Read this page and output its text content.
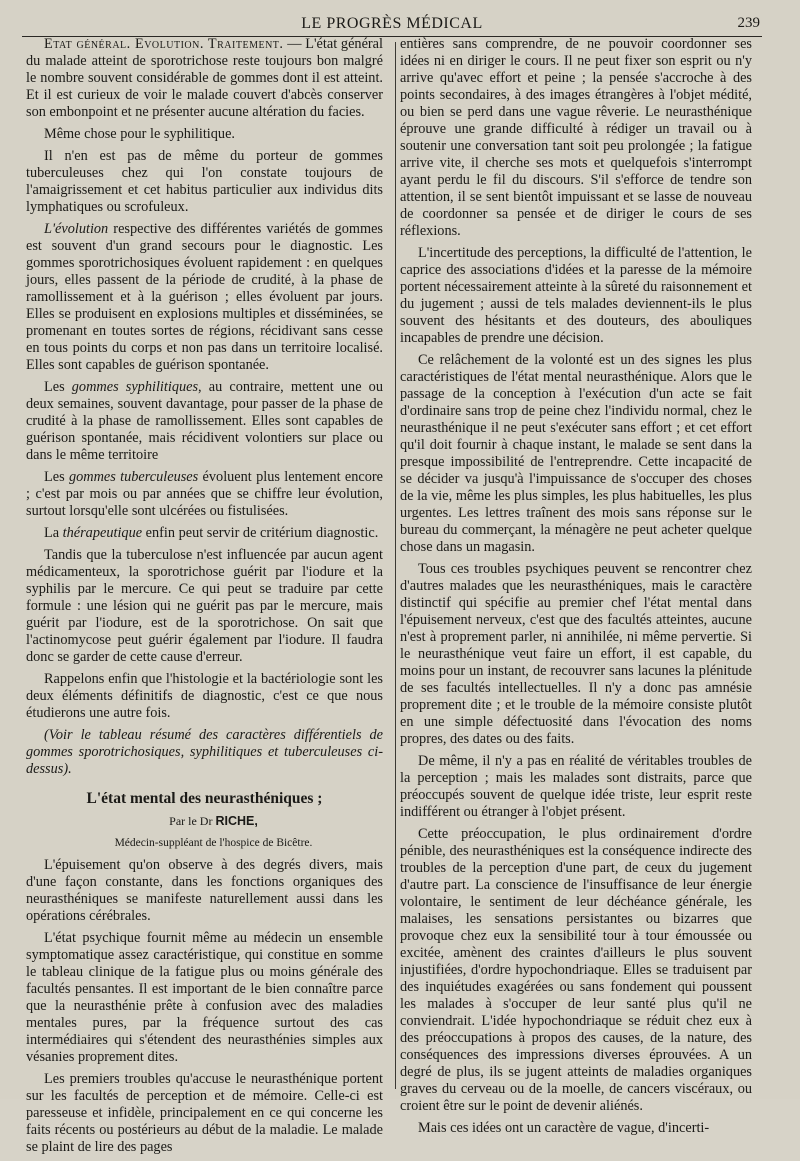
LE PROGRÈS MÉDICAL	239

Etat général. Evolution. Traitement. — L'état général du malade atteint de sporotrichose reste toujours bon malgré le nombre souvent considérable de gommes dont il est atteint. Et il est curieux de voir le malade couvert d'abcès conserver son embonpoint et ne présenter aucune altération du facies.

Même chose pour le syphilitique.

Il n'en est pas de même du porteur de gommes tuberculeuses chez qui l'on constate toujours de l'amaigrissement et cet habitus particulier aux individus dits lymphatiques ou scrofuleux.

L'évolution respective des différentes variétés de gommes est souvent d'un grand secours pour le diagnostic. Les gommes sporotrichosiques évoluent rapidement : en quelques jours, elles passent de la période de crudité, à la phase de ramollissement et à la guérison ; elles évoluent par jours. Elles se produisent en explosions multiples et disséminées, se promenant en toutes sortes de régions, récidivant sans cesse en tous points du corps et non pas dans un territoire localisé. Elles sont capables de guérison spontanée.

Les gommes syphilitiques, au contraire, mettent une ou deux semaines, souvent davantage, pour passer de la phase de crudité à la phase de ramollissement. Elles sont capables de guérison spontanée, mais récidivent volontiers sur place ou dans le même territoire

Les gommes tuberculeuses évoluent plus lentement encore ; c'est par mois ou par années que se chiffre leur évolution, surtout lorsqu'elle sont ulcérées ou fistulisées.

La thérapeutique enfin peut servir de critérium diagnostic.

Tandis que la tuberculose n'est influencée par aucun agent médicamenteux, la sporotrichose guérit par l'iodure et la syphilis par le mercure. Ce qui peut se traduire par cette formule : une lésion qui ne guérit pas par le mercure, mais guérit par l'iodure, est de la sporotrichose. On sait que l'actinomycose peut guérir également par l'iodure. Il faudra donc se garder de cette cause d'erreur.

Rappelons enfin que l'histologie et la bactériologie sont les deux éléments définitifs de diagnostic, c'est ce que nous étudierons une autre fois.

(Voir le tableau résumé des caractères différentiels de gommes sporotrichosiques, syphilitiques et tuberculeuses ci-dessus).

L'état mental des neurasthéniques ;

Par le Dr RICHE,

Médecin-suppléant de l'hospice de Bicêtre.

L'épuisement qu'on observe à des degrés divers, mais d'une façon constante, dans les fonctions organiques des neurasthéniques se manifeste naturellement aussi dans les opérations cérébrales.

L'état psychique fournit même au médecin un ensemble symptomatique assez caractéristique, qui constitue en somme le tableau clinique de la fatigue plus ou moins générale des facultés pensantes. Il est important de le bien connaître parce que la neurasthénie prête à confusion avec des maladies mentales pures, par la fréquence surtout des cas intermédiaires qui s'étendent des neurasthénies simples aux vésanies proprement dites.

Les premiers troubles qu'accuse le neurasthénique portent sur les facultés de perception et de mémoire. Celle-ci est paresseuse et infidèle, principalement en ce qui concerne les faits récents ou postérieurs au début de la maladie. Le malade se plaint de lire des pages

entières sans comprendre, de ne pouvoir coordonner ses idées ni en diriger le cours. Il ne peut fixer son esprit ou n'y arrive qu'avec effort et peine ; la pensée s'accroche à des points secondaires, à des images étrangères à l'objet médité, ou bien se perd dans une vague rêverie. Le neurasthénique éprouve une grande difficulté à rédiger un travail ou à soutenir une conversation tant soit peu prolongée ; la fatigue arrive vite, il cherche ses mots et quelquefois s'interrompt ayant perdu le fil du discours. S'il s'efforce de tendre son attention, il se sent bientôt impuissant et se lasse de nouveau de coordonner sa pensée et de diriger le cours de ses réflexions.

L'incertitude des perceptions, la difficulté de l'attention, le caprice des associations d'idées et la paresse de la mémoire portent nécessairement atteinte à la sûreté du raisonnement et du jugement ; aussi de tels malades deviennent-ils le plus souvent des hésitants et des douteurs, des abouliques incapables de prendre une décision.

Ce relâchement de la volonté est un des signes les plus caractéristiques de l'état mental neurasthénique. Alors que le passage de la conception à l'exécution d'un acte se fait d'ordinaire sans trop de peine chez l'individu normal, chez le neurasthénique il ne peut s'exécuter sans effort ; et cet effort qu'il doit fournir à chaque instant, le malade se sent dans la presque impossibilité de l'entreprendre. Cette incapacité de se décider va jusqu'à l'impuissance de s'occuper des choses de la vie, même les plus simples, les plus habituelles, les plus urgentes. Les lettres traînent des mois sans réponse sur le bureau du commerçant, la ménagère ne peut acheter quelque chose dans un magasin.

Tous ces troubles psychiques peuvent se rencontrer chez d'autres malades que les neurasthéniques, mais le caractère distinctif qui spécifie au premier chef l'état mental dans l'épuisement nerveux, c'est que des facultés atteintes, aucune n'est à proprement parler, ni annihilée, ni même pervertie. Si le neurasthénique veut faire un effort, il est capable, du moins pour un instant, de recouvrer sans lacunes la plénitude de ses facultés intellectuelles. Il n'y a donc pas amnésie proprement dite ; et le trouble de la mémoire consiste plutôt en une simple défectuosité dans l'évocation des noms propres, des dates ou des faits.

De même, il n'y a pas en réalité de véritables troubles de la perception ; mais les malades sont distraits, parce que préoccupés souvent de quelque idée triste, leur esprit reste indifférent ou étranger à l'objet présent.

Cette préoccupation, le plus ordinairement d'ordre pénible, des neurasthéniques est la conséquence indirecte des troubles de la perception d'une part, de ceux du jugement d'autre part. La conscience de l'insuffisance de leur énergie volontaire, le sentiment de leur déchéance générale, les malaises, les sensations persistantes ou bizarres que provoque chez eux la sensibilité tour à tour émoussée ou excitée, amènent des craintes d'ailleurs le plus souvent injustifiées, d'ordre hypochondriaque. Elles se traduisent par des inquiétudes exagérées ou sans fondement qui poussent les malades à s'occuper de leur santé plus qu'il ne conviendrait. L'idée hypochondriaque se réduit chez eux à des préoccupations à propos des causes, de la nature, des conséquences des impressions diverses éprouvées. A un degré de plus, ils se jugent atteints de maladies organiques graves du cerveau ou de la moelle, de cancers viscéraux, ou croient être sur le point de devenir aliénés.

Mais ces idées ont un caractère de vague, d'incerti-
